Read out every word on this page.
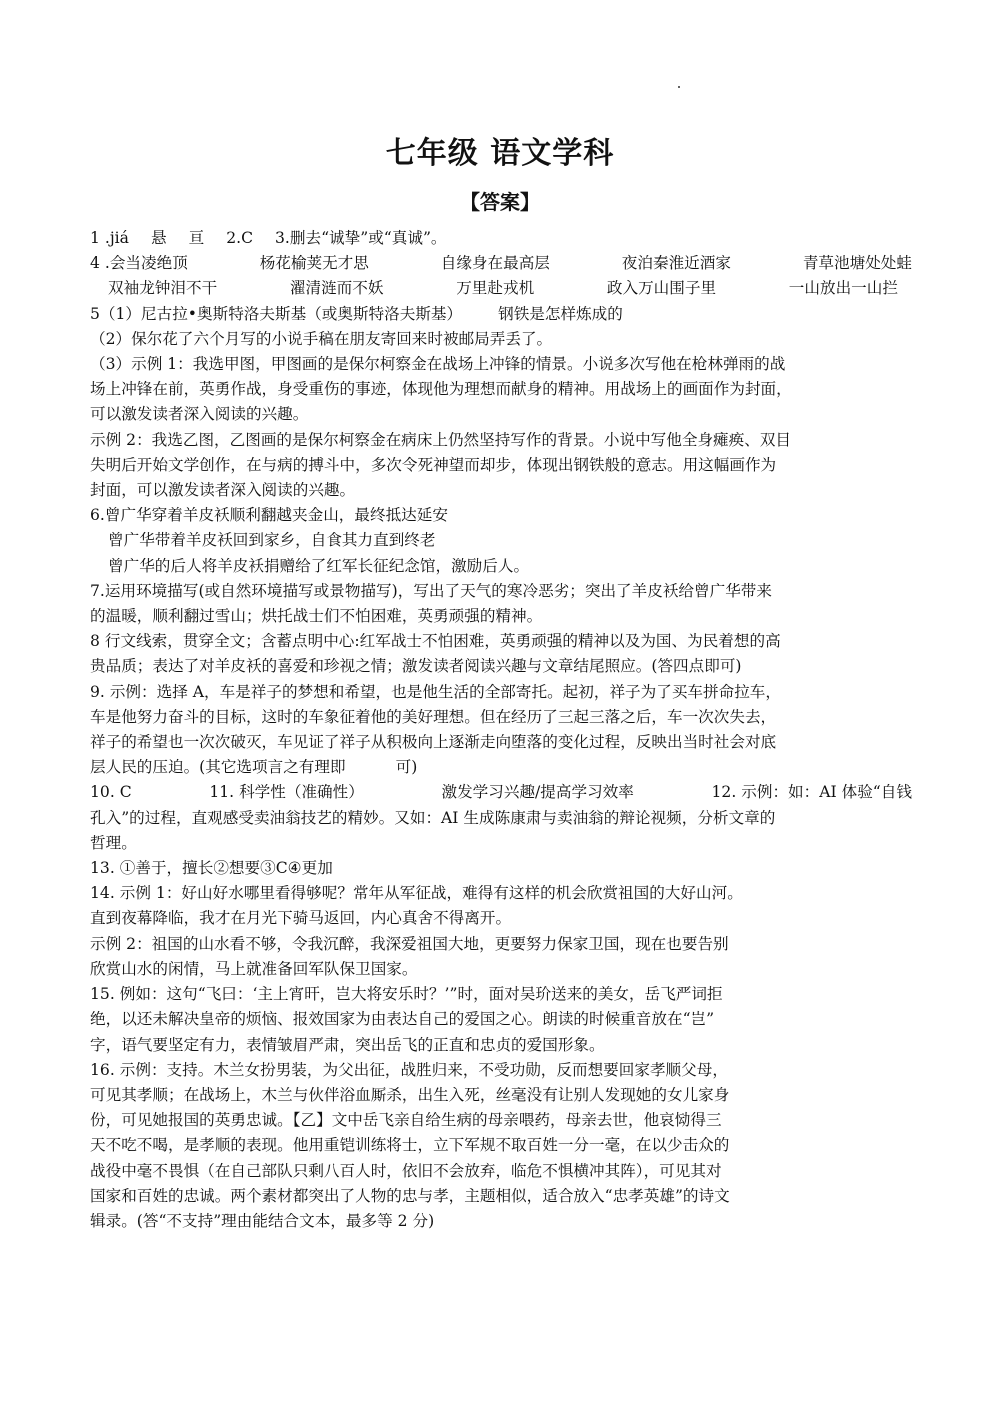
七年级 语文学科
【答案】
1 .jiá 悬 亘 2.C 3.删去“诚挚”或“真诚”。
4 .会当凌绝顶	杨花榆荚无才思	自缘身在最高层	夜泊秦淮近酒家	青草池塘处处蛙
双袖龙钟泪不干	濯清涟而不妖	万里赴戎机	政入万山围子里	一山放出一山拦

5（1）尼古拉•奥斯特洛夫斯基（或奥斯特洛夫斯基） 钢铁是怎样炼成的

（2）保尔花了六个月写的小说手稿在朋友寄回来时被邮局弄丢了。

（3）示例 1：我选甲图，甲图画的是保尔柯察金在战场上冲锋的情景。小说多次写他在枪林弹雨的战

场上冲锋在前，英勇作战，身受重伤的事迹，体现他为理想而献身的精神。用战场上的画面作为封面，

可以激发读者深入阅读的兴趣。

示例 2：我选乙图，乙图画的是保尔柯察金在病床上仍然坚持写作的背景。小说中写他全身瘫痪、双目

失明后开始文学创作，在与病的搏斗中，多次令死神望而却步，体现出钢铁般的意志。用这幅画作为

封面，可以激发读者深入阅读的兴趣。

6.曾广华穿着羊皮袄顺利翻越夹金山，最终抵达延安

曾广华带着羊皮袄回到家乡，自食其力直到终老

曾广华的后人将羊皮袄捐赠给了红军长征纪念馆，激励后人。

7.运用环境描写(或自然环境描写或景物描写)，写出了天气的寒冷恶劣；突出了羊皮袄给曾广华带来

的温暖，顺利翻过雪山；烘托战士们不怕困难，英勇顽强的精神。

8 行文线索，贯穿全文；含蓄点明中心:红军战士不怕困难，英勇顽强的精神以及为国、为民着想的高

贵品质；表达了对羊皮袄的喜爱和珍视之情；激发读者阅读兴趣与文章结尾照应。(答四点即可)

9. 示例：选择 A，车是祥子的梦想和希望，也是他生活的全部寄托。起初，祥子为了买车拼命拉车，

车是他努力奋斗的目标，这时的车象征着他的美好理想。但在经历了三起三落之后，车一次次失去，

祥子的希望也一次次破灭，车见证了祥子从积极向上逐渐走向堕落的变化过程，反映出当时社会对底

层人民的压迫。(其它选项言之有理即	可)

10. C	11. 科学性（准确性）	激发学习兴趣/提高学习效率	12. 示例：如：AI 体验“自钱

孔入”的过程，直观感受卖油翁技艺的精妙。又如：AI 生成陈康肃与卖油翁的辩论视频，分析文章的

哲理。

13. ①善于，擅长②想要③C④更加

14. 示例 1：好山好水哪里看得够呢？常年从军征战，难得有这样的机会欣赏祖国的大好山河。

直到夜幕降临，我才在月光下骑马返回，内心真舍不得离开。

示例 2：祖国的山水看不够，令我沉醉，我深爱祖国大地，更要努力保家卫国，现在也要告别

欣赏山水的闲情，马上就准备回军队保卫国家。

15. 例如：这句“飞曰：‘主上宵旰，岂大将安乐时？’”时，面对吴玠送来的美女，岳飞严词拒

绝，以还未解决皇帝的烦恼、报效国家为由表达自己的爱国之心。朗读的时候重音放在“岂”

字，语气要坚定有力，表情皱眉严肃，突出岳飞的正直和忠贞的爱国形象。

16. 示例：支持。木兰女扮男装，为父出征，战胜归来，不受功勋，反而想要回家孝顺父母，

可见其孝顺；在战场上，木兰与伙伴浴血厮杀，出生入死，丝毫没有让别人发现她的女儿家身

份，可见她报国的英勇忠诚。【乙】文中岳飞亲自给生病的母亲喂药，母亲去世，他哀恸得三

天不吃不喝，是孝顺的表现。他用重铠训练将士，立下军规不取百姓一分一毫，在以少击众的

战役中毫不畏惧（在自己部队只剩八百人时，依旧不会放弃，临危不惧横冲其阵），可见其对

国家和百姓的忠诚。两个素材都突出了人物的忠与孝，主题相似，适合放入“忠孝英雄”的诗文

辑录。(答“不支持”理由能结合文本，最多等 2 分)
